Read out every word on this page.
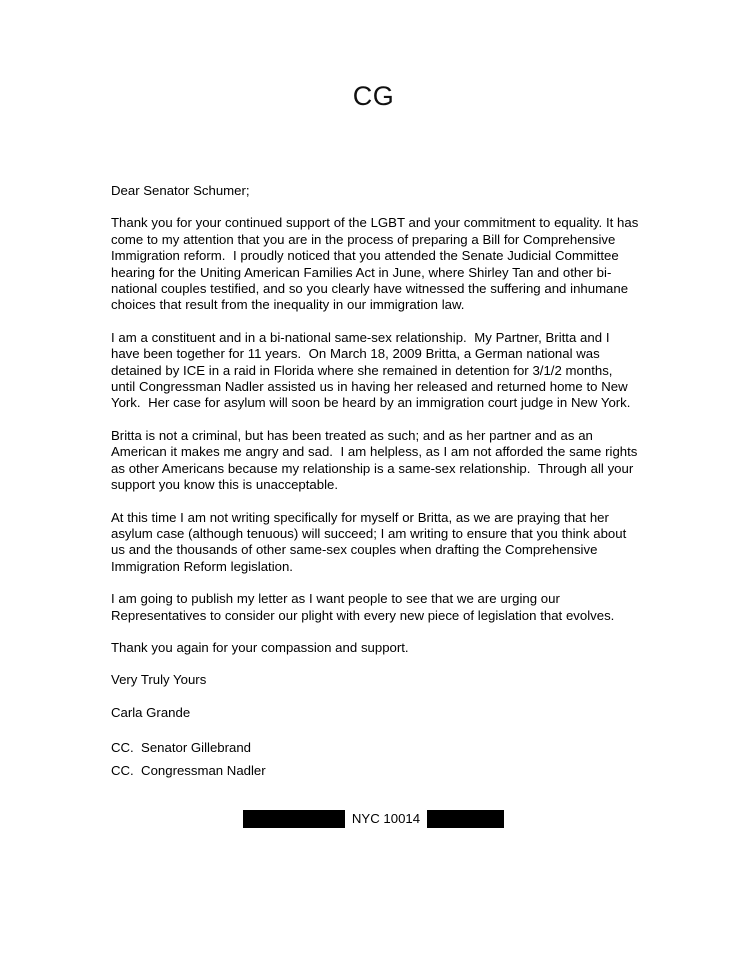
CG

Dear Senator Schumer;

Thank you for your continued support of the LGBT and your commitment to equality. It has come to my attention that you are in the process of preparing a Bill for Comprehensive Immigration reform.  I proudly noticed that you attended the Senate Judicial Committee hearing for the Uniting American Families Act in June, where Shirley Tan and other bi-national couples testified, and so you clearly have witnessed the suffering and inhumane choices that result from the inequality in our immigration law.

I am a constituent and in a bi-national same-sex relationship.  My Partner, Britta and I have been together for 11 years.  On March 18, 2009 Britta, a German national was detained by ICE in a raid in Florida where she remained in detention for 3/1/2 months, until Congressman Nadler assisted us in having her released and returned home to New York.  Her case for asylum will soon be heard by an immigration court judge in New York.

Britta is not a criminal, but has been treated as such; and as her partner and as an American it makes me angry and sad.  I am helpless, as I am not afforded the same rights as other Americans because my relationship is a same-sex relationship.  Through all your support you know this is unacceptable.

At this time I am not writing specifically for myself or Britta, as we are praying that her asylum case (although tenuous) will succeed; I am writing to ensure that you think about us and the thousands of other same-sex couples when drafting the Comprehensive Immigration Reform legislation.

I am going to publish my letter as I want people to see that we are urging our Representatives to consider our plight with every new piece of legislation that evolves.

Thank you again for your compassion and support.

Very Truly Yours

Carla Grande

CC.  Senator Gillebrand

CC.  Congressman Nadler

NYC 10014
